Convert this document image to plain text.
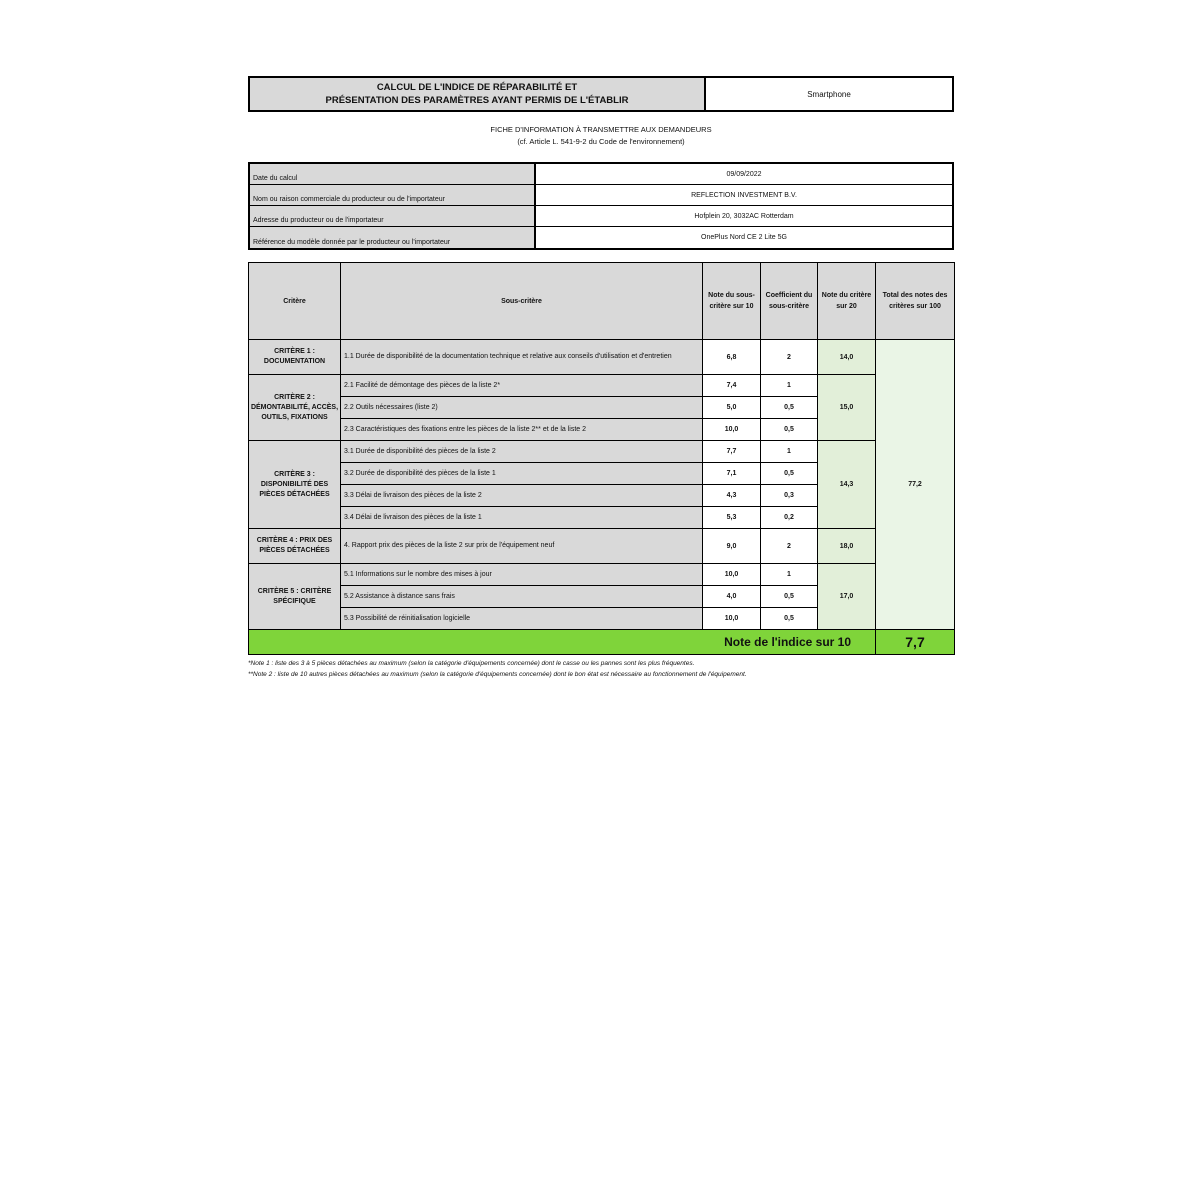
CALCUL DE L'INDICE DE RÉPARABILITÉ ET
PRÉSENTATION DES PARAMÈTRES AYANT PERMIS DE L'ÉTABLIR
Smartphone
FICHE D'INFORMATION À TRANSMETTRE AUX DEMANDEURS
(cf. Article L. 541-9-2 du Code de l'environnement)
Date du calcul
09/09/2022
Nom ou raison commerciale du producteur ou de l'importateur
REFLECTION INVESTMENT B.V.
Adresse du producteur ou de l'importateur
Hofplein 20, 3032AC Rotterdam
Référence du modèle donnée par le producteur ou l'importateur
OnePlus Nord CE 2 Lite 5G
Critère	Sous-critère	Note du sous-critère sur 10	Coefficient du sous-critère	Note du critère sur 20	Total des notes des critères sur 100
CRITÈRE 1 : DOCUMENTATION	1.1 Durée de disponibilité de la documentation technique et relative aux conseils d'utilisation et d'entretien	6,8	2	14,0	77,2
CRITÈRE 2 : DÉMONTABILITÉ, ACCÈS, OUTILS, FIXATIONS	2.1 Facilité de démontage des pièces de la liste 2*	7,4	1	15,0	
	2.2 Outils nécessaires (liste 2)	5,0	0,5		
	2.3 Caractéristiques des fixations entre les pièces de la liste 2** et de la liste 2	10,0	0,5		
CRITÈRE 3 : DISPONIBILITÉ DES PIÈCES DÉTACHÉES	3.1 Durée de disponibilité des pièces de la liste 2	7,7	1	14,3	
	3.2 Durée de disponibilité des pièces de la liste 1	7,1	0,5		
	3.3 Délai de livraison des pièces de la liste 2	4,3	0,3		
	3.4 Délai de livraison des pièces de la liste 1	5,3	0,2		
CRITÈRE 4 : PRIX DES PIÈCES DÉTACHÉES	4. Rapport prix des pièces de la liste 2 sur prix de l'équipement neuf	9,0	2	18,0	
CRITÈRE 5 : CRITÈRE SPÉCIFIQUE	5.1 Informations sur le nombre des mises à jour	10,0	1	17,0	
	5.2 Assistance à distance sans frais	4,0	0,5		
	5.3 Possibilité de réinitialisation logicielle	10,0	0,5		
Note de l'indice sur 10					7,7
*Note 1 : liste des 3 à 5 pièces détachées au maximum (selon la catégorie d'équipements concernée) dont le casse ou les pannes sont les plus fréquentes.
**Note 2 : liste de 10 autres pièces détachées au maximum (selon la catégorie d'équipements concernée) dont le bon état est nécessaire au fonctionnement de l'équipement.
